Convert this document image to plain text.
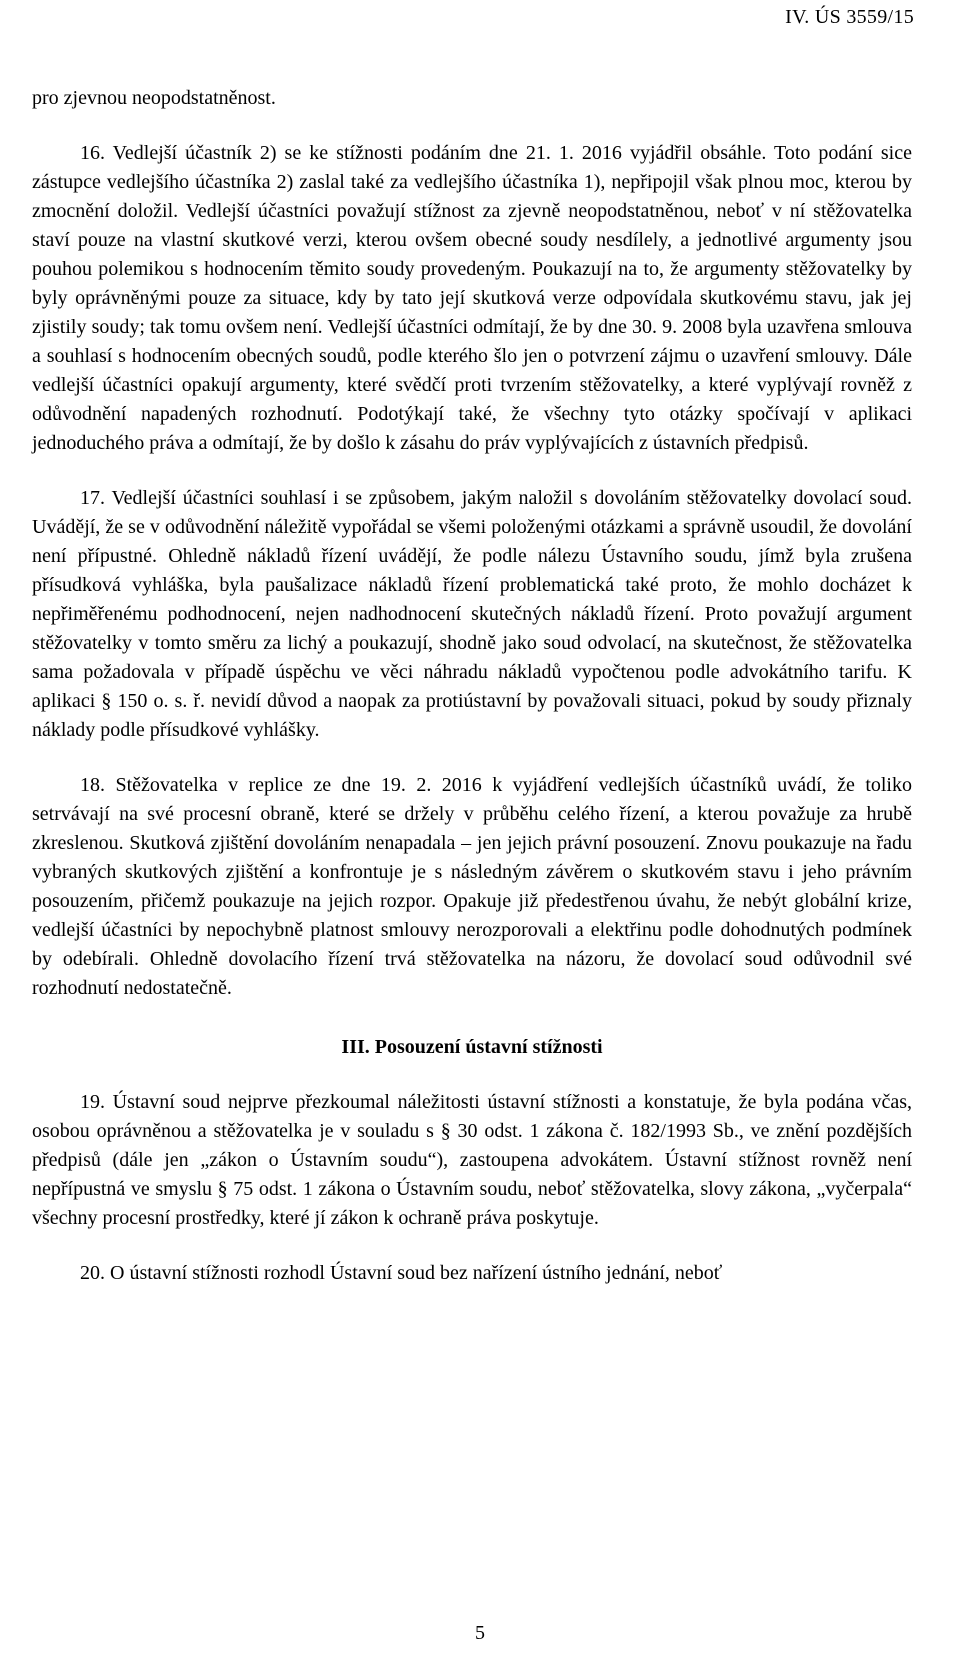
IV. ÚS 3559/15

pro zjevnou neopodstatněnost.

16. Vedlejší účastník 2) se ke stížnosti podáním dne 21. 1. 2016 vyjádřil obsáhle. Toto podání sice zástupce vedlejšího účastníka 2) zaslal také za vedlejšího účastníka 1), nepřipojil však plnou moc, kterou by zmocnění doložil. Vedlejší účastníci považují stížnost za zjevně neopodstatněnou, neboť v ní stěžovatelka staví pouze na vlastní skutkové verzi, kterou ovšem obecné soudy nesdílely, a jednotlivé argumenty jsou pouhou polemikou s hodnocením těmito soudy provedeným. Poukazují na to, že argumenty stěžovatelky by byly oprávněnými pouze za situace, kdy by tato její skutková verze odpovídala skutkovému stavu, jak jej zjistily soudy; tak tomu ovšem není. Vedlejší účastníci odmítají, že by dne 30. 9. 2008 byla uzavřena smlouva a souhlasí s hodnocením obecných soudů, podle kterého šlo jen o potvrzení zájmu o uzavření smlouvy. Dále vedlejší účastníci opakují argumenty, které svědčí proti tvrzením stěžovatelky, a které vyplývají rovněž z odůvodnění napadených rozhodnutí. Podotýkají také, že všechny tyto otázky spočívají v aplikaci jednoduchého práva a odmítají, že by došlo k zásahu do práv vyplývajících z ústavních předpisů.

17. Vedlejší účastníci souhlasí i se způsobem, jakým naložil s dovoláním stěžovatelky dovolací soud. Uvádějí, že se v odůvodnění náležitě vypořádal se všemi položenými otázkami a správně usoudil, že dovolání není přípustné. Ohledně nákladů řízení uvádějí, že podle nálezu Ústavního soudu, jímž byla zrušena přísudková vyhláška, byla paušalizace nákladů řízení problematická také proto, že mohlo docházet k nepřiměřenému podhodnocení, nejen nadhodnocení skutečných nákladů řízení. Proto považují argument stěžovatelky v tomto směru za lichý a poukazují, shodně jako soud odvolací, na skutečnost, že stěžovatelka sama požadovala v případě úspěchu ve věci náhradu nákladů vypočtenou podle advokátního tarifu. K aplikaci § 150 o. s. ř. nevidí důvod a naopak za protiústavní by považovali situaci, pokud by soudy přiznaly náklady podle přísudkové vyhlášky.

18. Stěžovatelka v replice ze dne 19. 2. 2016 k vyjádření vedlejších účastníků uvádí, že toliko setrvávají na své procesní obraně, které se držely v průběhu celého řízení, a kterou považuje za hrubě zkreslenou. Skutková zjištění dovoláním nenapadala – jen jejich právní posouzení. Znovu poukazuje na řadu vybraných skutkových zjištění a konfrontuje je s následným závěrem o skutkovém stavu i jeho právním posouzením, přičemž poukazuje na jejich rozpor. Opakuje již předestřenou úvahu, že nebýt globální krize, vedlejší účastníci by nepochybně platnost smlouvy nerozporovali a elektřinu podle dohodnutých podmínek by odebírali. Ohledně dovolacího řízení trvá stěžovatelka na názoru, že dovolací soud odůvodnil své rozhodnutí nedostatečně.

III. Posouzení ústavní stížnosti

19. Ústavní soud nejprve přezkoumal náležitosti ústavní stížnosti a konstatuje, že byla podána včas, osobou oprávněnou a stěžovatelka je v souladu s § 30 odst. 1 zákona č. 182/1993 Sb., ve znění pozdějších předpisů (dále jen „zákon o Ústavním soudu“), zastoupena advokátem. Ústavní stížnost rovněž není nepřípustná ve smyslu § 75 odst. 1 zákona o Ústavním soudu, neboť stěžovatelka, slovy zákona, „vyčerpala“ všechny procesní prostředky, které jí zákon k ochraně práva poskytuje.

20. O ústavní stížnosti rozhodl Ústavní soud bez nařízení ústního jednání, neboť

5
